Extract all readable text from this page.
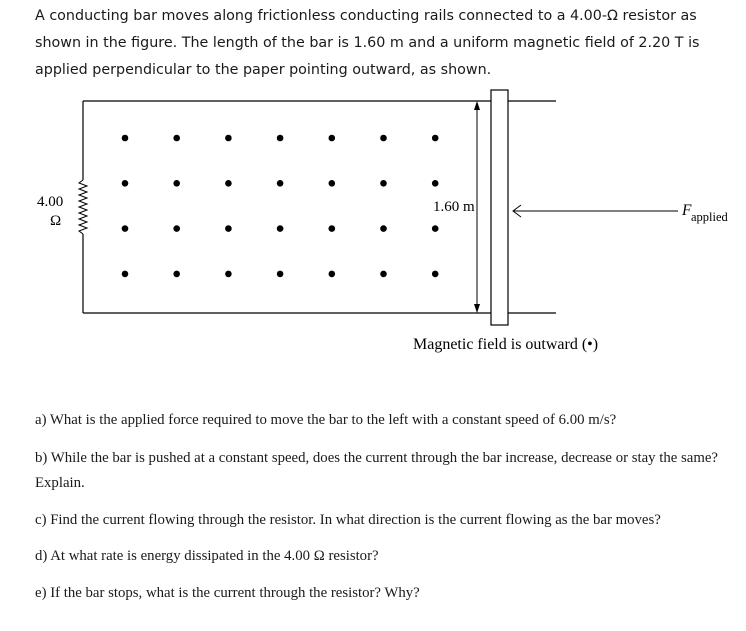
A conducting bar moves along frictionless conducting rails connected to a 4.00-Ω resistor as shown in the figure. The length of the bar is 1.60 m and a uniform magnetic field of 2.20 T is applied perpendicular to the paper pointing outward, as shown.
4.00
Ω
1.60 m	F applied
Magnetic field is outward (•)
a) What is the applied force required to move the bar to the left with a constant speed of 6.00 m/s?
b) While the bar is pushed at a constant speed, does the current through the bar increase, decrease or stay the same? Explain.
c) Find the current flowing through the resistor. In what direction is the current flowing as the bar moves?
d) At what rate is energy dissipated in the 4.00 Ω resistor?
e) If the bar stops, what is the current through the resistor? Why?
